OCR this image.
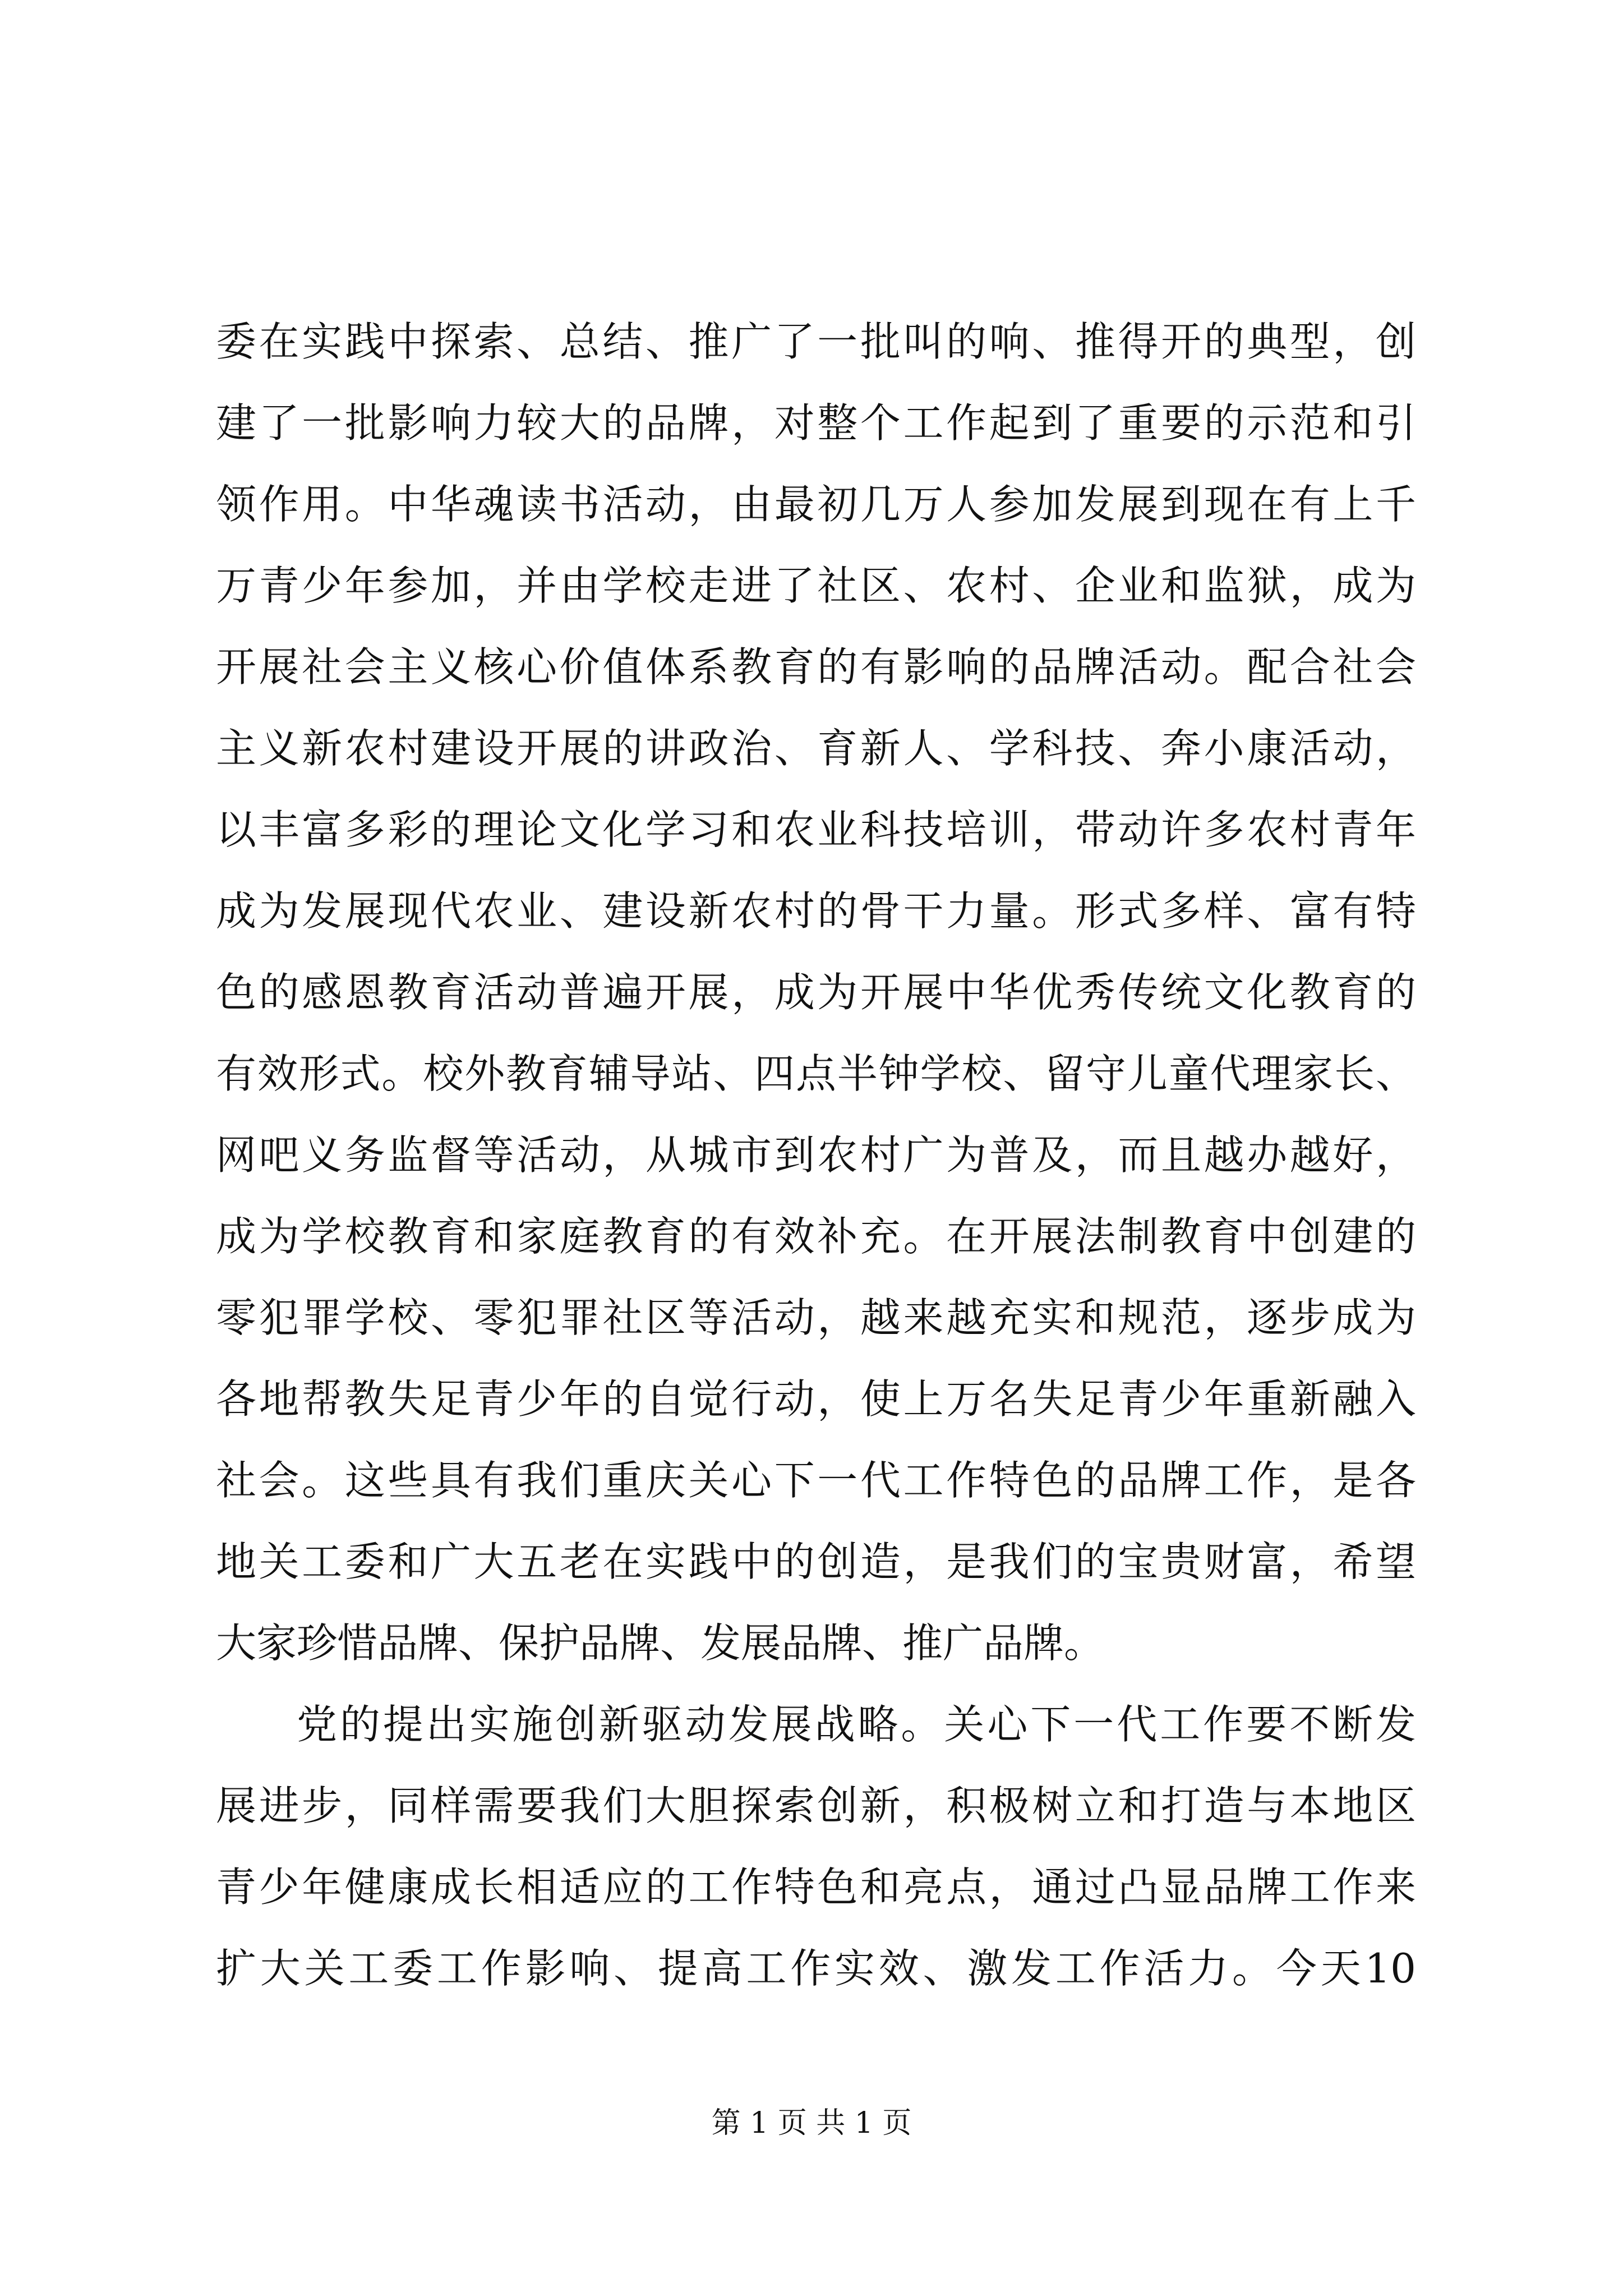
委在实践中探索、总结、推广了一批叫的响、推得开的典型，创
建了一批影响力较大的品牌，对整个工作起到了重要的示范和引
领作用。中华魂读书活动，由最初几万人参加发展到现在有上千
万青少年参加，并由学校走进了社区、农村、企业和监狱，成为
开展社会主义核心价值体系教育的有影响的品牌活动。配合社会
主义新农村建设开展的讲政治、育新人、学科技、奔小康活动，
以丰富多彩的理论文化学习和农业科技培训，带动许多农村青年
成为发展现代农业、建设新农村的骨干力量。形式多样、富有特
色的感恩教育活动普遍开展，成为开展中华优秀传统文化教育的
有效形式。校外教育辅导站、四点半钟学校、留守儿童代理家长、
网吧义务监督等活动，从城市到农村广为普及，而且越办越好，
成为学校教育和家庭教育的有效补充。在开展法制教育中创建的
零犯罪学校、零犯罪社区等活动，越来越充实和规范，逐步成为
各地帮教失足青少年的自觉行动，使上万名失足青少年重新融入
社会。这些具有我们重庆关心下一代工作特色的品牌工作，是各
地关工委和广大五老在实践中的创造，是我们的宝贵财富，希望
大家珍惜品牌、保护品牌、发展品牌、推广品牌。
党的提出实施创新驱动发展战略。关心下一代工作要不断发
展进步，同样需要我们大胆探索创新，积极树立和打造与本地区
青少年健康成长相适应的工作特色和亮点，通过凸显品牌工作来
扩大关工委工作影响、提高工作实效、激发工作活力。今天10
第 1 页 共 1 页
